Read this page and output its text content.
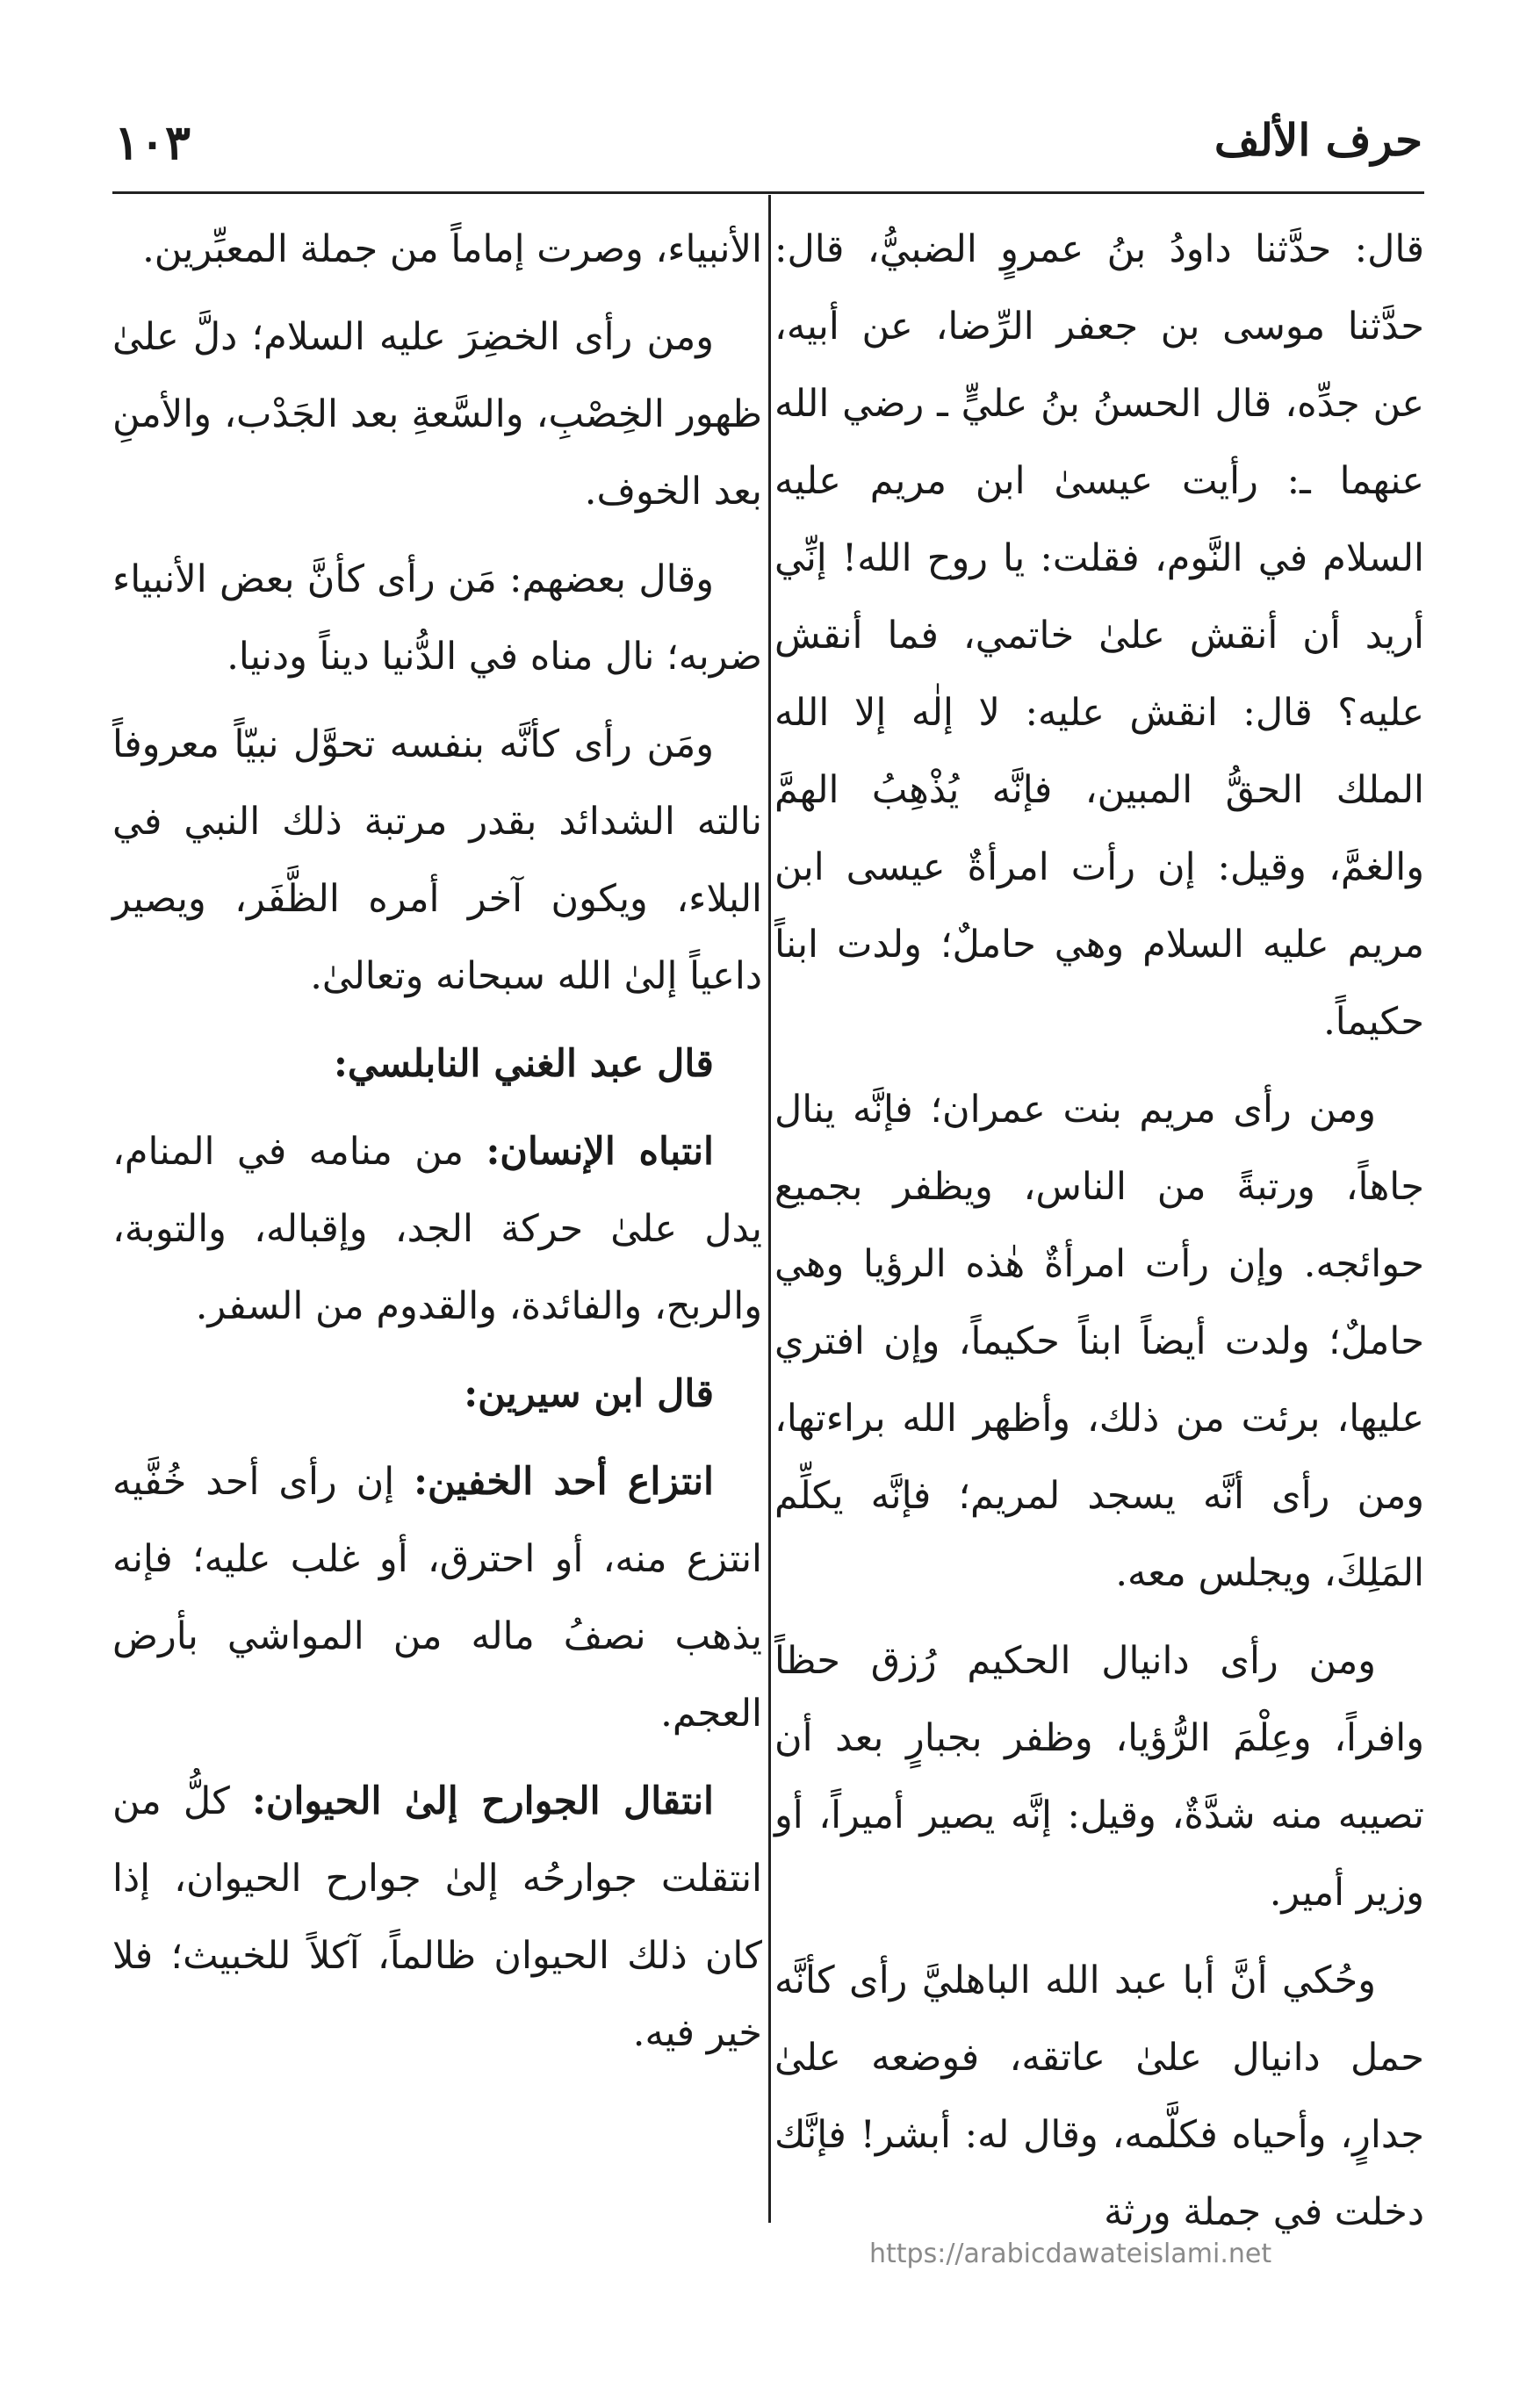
حرف الألف
١٠٣

قال: حدَّثنا داودُ بنُ عمروٍ الضبيُّ، قال: حدَّثنا موسى بن جعفر الرِّضا، عن أبيه، عن جدِّه، قال الحسنُ بنُ عليٍّ ـ رضي الله عنهما ـ: رأيت عيسىٰ ابن مريم عليه السلام في النَّوم، فقلت: يا روح الله! إنِّي أريد أن أنقش علىٰ خاتمي، فما أنقش عليه؟ قال: انقش عليه: لا إلٰه إلا الله الملك الحقُّ المبين، فإنَّه يُذْهِبُ الهمَّ والغمَّ، وقيل: إن رأت امرأةٌ عيسى ابن مريم عليه السلام وهي حاملٌ؛ ولدت ابناً حكيماً.

ومن رأى مريم بنت عمران؛ فإنَّه ينال جاهاً، ورتبةً من الناس، ويظفر بجميع حوائجه. وإن رأت امرأةٌ هٰذه الرؤيا وهي حاملٌ؛ ولدت أيضاً ابناً حكيماً، وإن افتري عليها، برئت من ذلك، وأظهر الله براءتها، ومن رأى أنَّه يسجد لمريم؛ فإنَّه يكلِّم المَلِكَ، ويجلس معه.

ومن رأى دانيال الحكيم رُزق حظاً وافراً، وعِلْمَ الرُّؤيا، وظفر بجبارٍ بعد أن تصيبه منه شدَّةٌ، وقيل: إنَّه يصير أميراً، أو وزير أمير.

وحُكي أنَّ أبا عبد الله الباهليَّ رأى كأنَّه حمل دانيال علىٰ عاتقه، فوضعه علىٰ جدارٍ، وأحياه فكلَّمه، وقال له: أبشر! فإنَّك دخلت في جملة ورثة

الأنبياء، وصرت إماماً من جملة المعبِّرين.

ومن رأى الخضِرَ عليه السلام؛ دلَّ علىٰ ظهور الخِصْبِ، والسَّعةِ بعد الجَدْب، والأمنِ بعد الخوف.

وقال بعضهم: مَن رأى كأنَّ بعض الأنبياء ضربه؛ نال مناه في الدُّنيا ديناً ودنيا.

ومَن رأى كأنَّه بنفسه تحوَّل نبيّاً معروفاً نالته الشدائد بقدر مرتبة ذلك النبي في البلاء، ويكون آخر أمره الظَّفَر، ويصير داعياً إلىٰ الله سبحانه وتعالىٰ.

قال عبد الغني النابلسي:

انتباه الإنسان: من منامه في المنام، يدل علىٰ حركة الجد، وإقباله، والتوبة، والربح، والفائدة، والقدوم من السفر.

قال ابن سيرين:

انتزاع أحد الخفين: إن رأى أحد خُفَّيه انتزع منه، أو احترق، أو غلب عليه؛ فإنه يذهب نصفُ ماله من المواشي بأرض العجم.

انتقال الجوارح إلىٰ الحيوان: كلُّ من انتقلت جوارحُه إلىٰ جوارح الحيوان، إذا كان ذلك الحيوان ظالماً، آكلاً للخبيث؛ فلا خير فيه.

https://arabicdawateislami.net
